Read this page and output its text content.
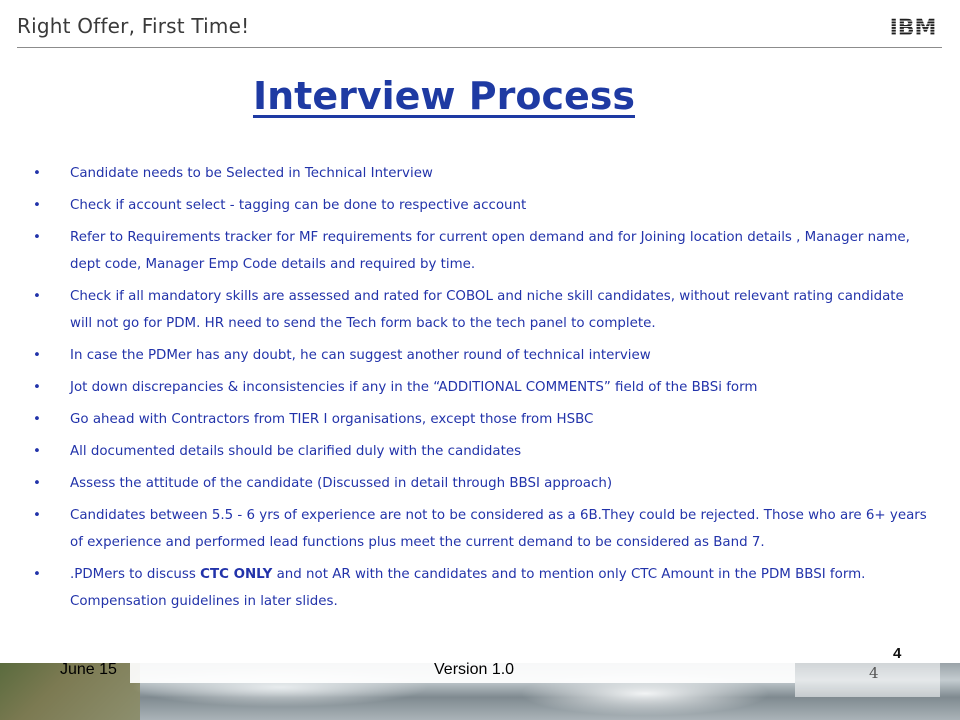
Right Offer, First Time!	IBM
Interview Process
• Candidate needs to be Selected in Technical Interview
• Check if account select - tagging can be done to respective account
• Refer to Requirements tracker for MF requirements for current open demand and for Joining location details , Manager name, dept code, Manager Emp Code details and required by time.
• Check if all mandatory skills are assessed and rated for COBOL and niche skill candidates, without relevant rating candidate will not go for PDM. HR need to send the Tech form back to the tech panel to complete.
• In case the PDMer has any doubt, he can suggest another round of technical interview
• Jot down discrepancies & inconsistencies if any in the “ADDITIONAL COMMENTS” field of the BBSi form
• Go ahead with Contractors from TIER I organisations, except those from HSBC
• All documented details should be clarified duly with the candidates
• Assess the attitude of the candidate (Discussed in detail through BBSI approach)
• Candidates between 5.5 - 6 yrs of experience are not to be considered as a 6B.They could be rejected. Those who are 6+ years of experience and performed lead functions plus meet the current demand to be considered as Band 7.
• .PDMers to discuss CTC ONLY and not AR with the candidates and to mention only CTC Amount in the PDM BBSI form. Compensation guidelines in later slides.
June 15	Version 1.0	4
4
